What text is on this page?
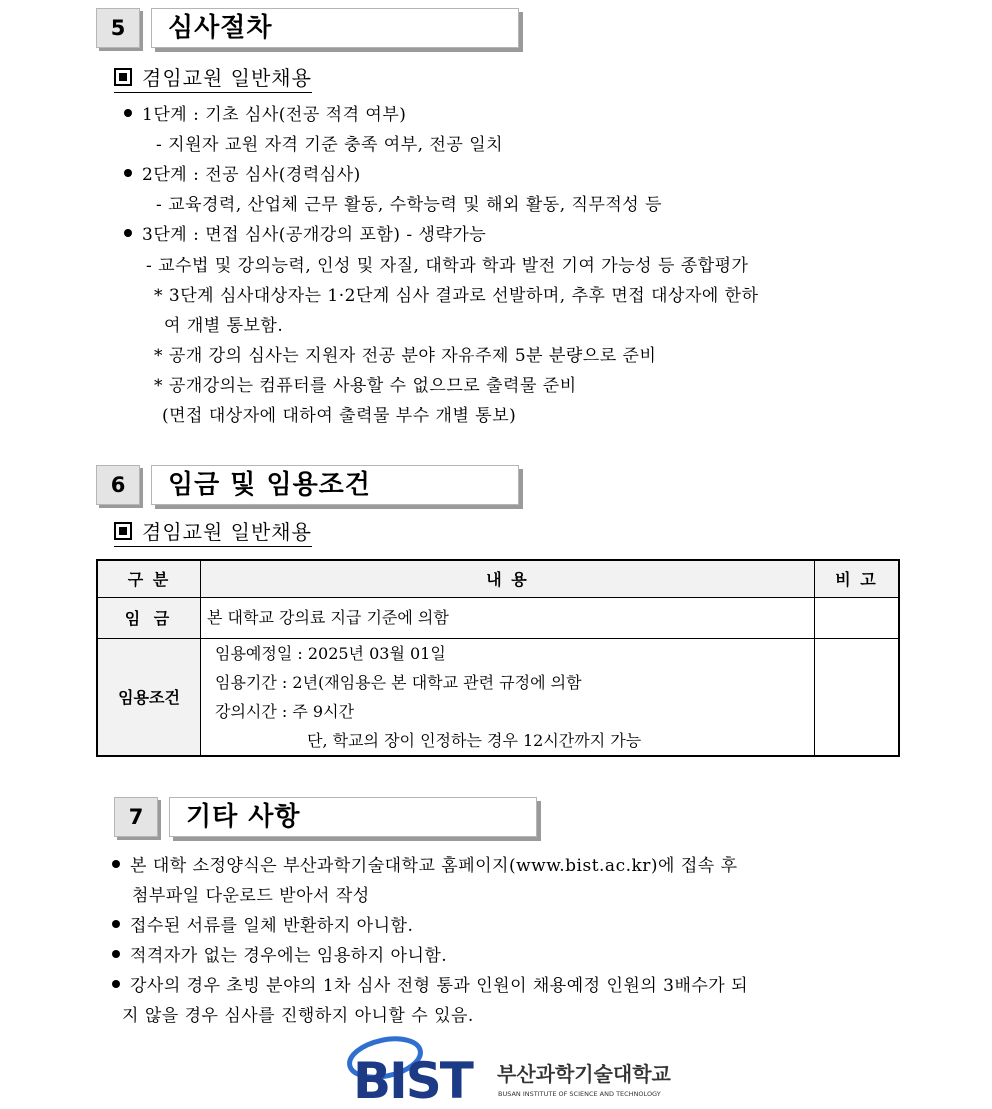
5	심사절차
겸임교원 일반채용
1단계 : 기초 심사(전공 적격 여부)
- 지원자 교원 자격 기준 충족 여부, 전공 일치
2단계 : 전공 심사(경력심사)
- 교육경력, 산업체 근무 활동, 수학능력 및 해외 활동, 직무적성 등
3단계 : 면접 심사(공개강의 포함) - 생략가능
- 교수법 및 강의능력, 인성 및 자질, 대학과 학과 발전 기여 가능성 등 종합평가
* 3단계 심사대상자는 1·2단계 심사 결과로 선발하며, 추후 면접 대상자에 한하
여 개별 통보함.
* 공개 강의 심사는 지원자 전공 분야 자유주제 5분 분량으로 준비
* 공개강의는 컴퓨터를 사용할 수 없으므로 출력물 준비
(면접 대상자에 대하여 출력물 부수 개별 통보)
6	임금 및 임용조건
겸임교원 일반채용
구 분	내 용	비 고
임 금	본 대학교 강의료 지급 기준에 의함	

임용조건	임용예정일 : 2025년 03월 01일
임용기간 : 2년(재임용은 본 대학교 관련 규정에 의함
강의시간 : 주 9시간
단, 학교의 장이 인정하는 경우 12시간까지 가능	

7	기타 사항
본 대학 소정양식은 부산과학기술대학교 홈페이지(www.bist.ac.kr)에 접속 후
첨부파일 다운로드 받아서 작성
접수된 서류를 일체 반환하지 아니함.
적격자가 없는 경우에는 임용하지 아니함.
강사의 경우 초빙 분야의 1차 심사 전형 통과 인원이 채용예정 인원의 3배수가 되
지 않을 경우 심사를 진행하지 아니할 수 있음.
BIST 부산과학기술대학교
BUSAN INSTITUTE OF SCIENCE AND TECHNOLOGY
